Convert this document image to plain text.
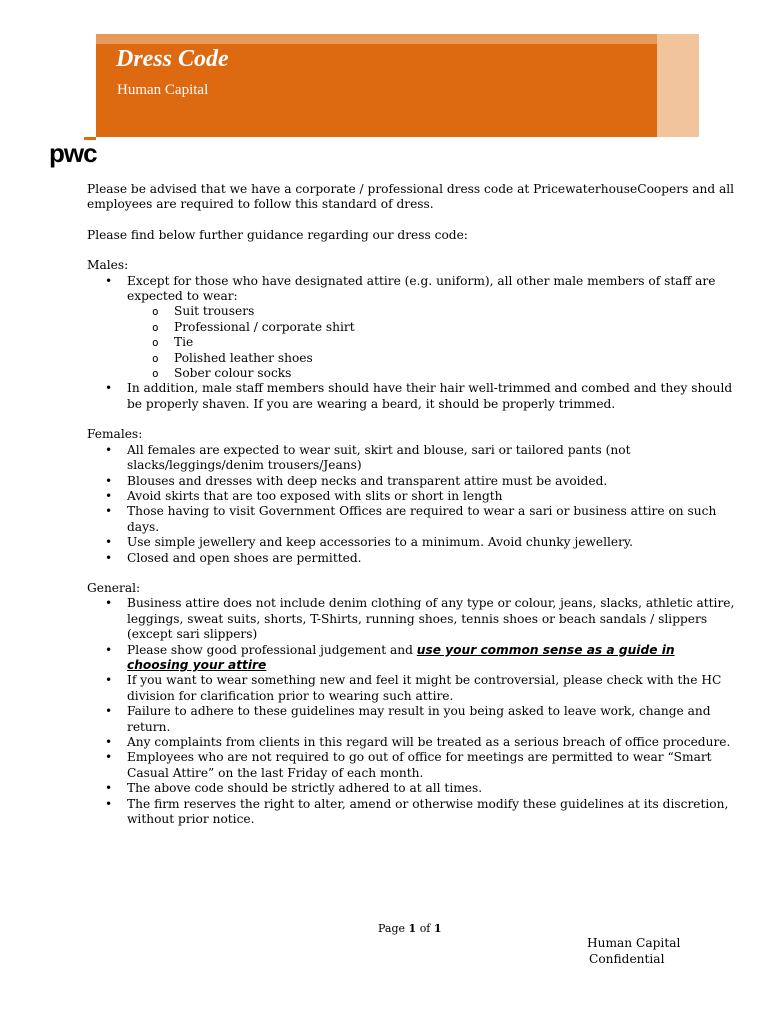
Dress Code
Human Capital
pwc

Please be advised that we have a corporate / professional dress code at PricewaterhouseCoopers and all employees are required to follow this standard of dress.

Please find below further guidance regarding our dress code:

Males:

• Except for those who have designated attire (e.g. uniform), all other male members of staff are expected to wear:
o Suit trousers
o Professional / corporate shirt
o Tie
o Polished leather shoes
o Sober colour socks
• In addition, male staff members should have their hair well-trimmed and combed and they should be properly shaven. If you are wearing a beard, it should be properly trimmed.

Females:

• All females are expected to wear suit, skirt and blouse, sari or tailored pants (not slacks/leggings/denim trousers/Jeans)
• Blouses and dresses with deep necks and transparent attire must be avoided.
• Avoid skirts that are too exposed with slits or short in length
• Those having to visit Government Offices are required to wear a sari or business attire on such days.
• Use simple jewellery and keep accessories to a minimum. Avoid chunky jewellery.
• Closed and open shoes are permitted.

General:

• Business attire does not include denim clothing of any type or colour, jeans, slacks, athletic attire, leggings, sweat suits, shorts, T-Shirts, running shoes, tennis shoes or beach sandals / slippers (except sari slippers)
• Please show good professional judgement and use your common sense as a guide in choosing your attire
• If you want to wear something new and feel it might be controversial, please check with the HC division for clarification prior to wearing such attire.
• Failure to adhere to these guidelines may result in you being asked to leave work, change and return.
• Any complaints from clients in this regard will be treated as a serious breach of office procedure.
• Employees who are not required to go out of office for meetings are permitted to wear “Smart Casual Attire” on the last Friday of each month.
• The above code should be strictly adhered to at all times.
• The firm reserves the right to alter, amend or otherwise modify these guidelines at its discretion, without prior notice.
Page 1 of 1
Human Capital
Confidential
